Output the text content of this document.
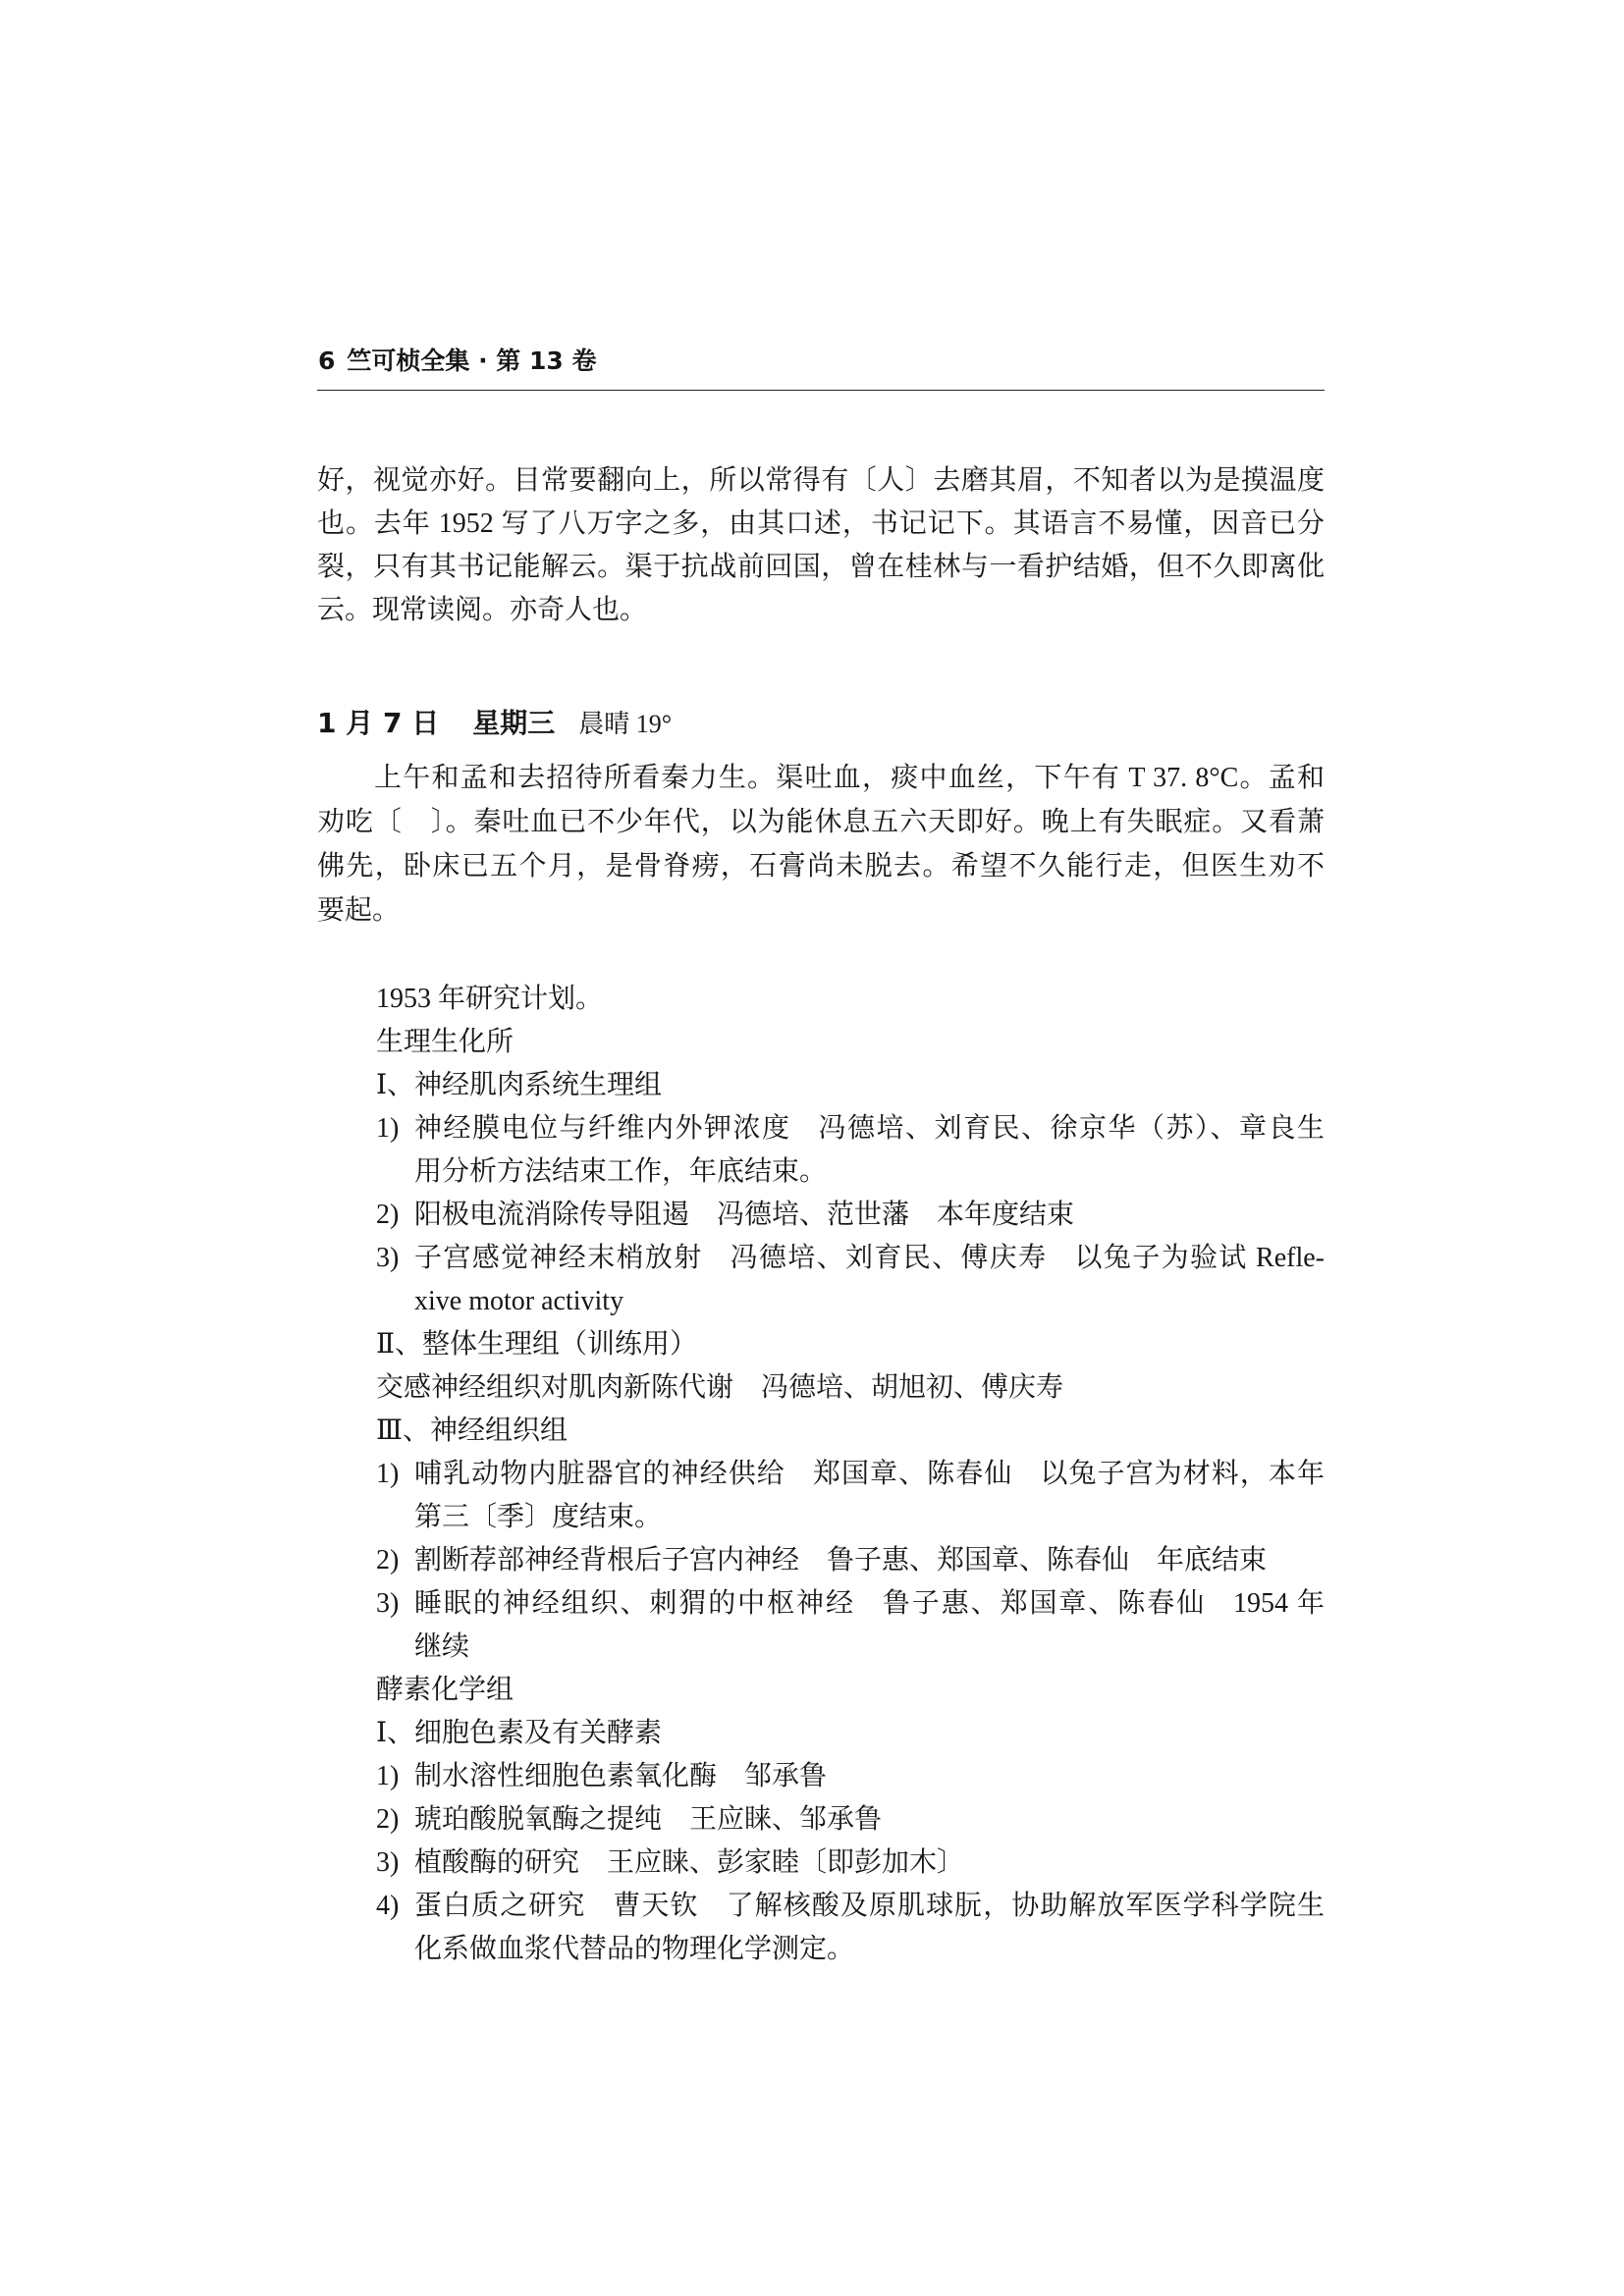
6 竺可桢全集 · 第 13 卷
好，视觉亦好。目常要翻向上，所以常得有〔人〕去磨其眉，不知者以为是摸温度
也。去年 1952 写了八万字之多，由其口述，书记记下。其语言不易懂，因音已分
裂，只有其书记能解云。渠于抗战前回国，曾在桂林与一看护结婚，但不久即离仳
云。现常读阅。亦奇人也。
1 月 7 日 星期三 晨晴 19°
上午和孟和去招待所看秦力生。渠吐血，痰中血丝，下午有 T 37. 8°C。孟和
劝吃〔　〕。秦吐血已不少年代，以为能休息五六天即好。晚上有失眠症。又看萧
佛先，卧床已五个月，是骨脊痨，石膏尚未脱去。希望不久能行走，但医生劝不
要起。
1953 年研究计划。
生理生化所
Ⅰ、神经肌肉系统生理组
1) 神经膜电位与纤维内外钾浓度 冯德培、刘育民、徐京华（苏）、章良生
用分析方法结束工作，年底结束。
2) 阳极电流消除传导阻遏 冯德培、范世藩 本年度结束
3) 子宫感觉神经末梢放射 冯德培、刘育民、傅庆寿 以兔子为验试 Refle-
xive motor activity
Ⅱ、整体生理组（训练用）
交感神经组织对肌肉新陈代谢 冯德培、胡旭初、傅庆寿
Ⅲ、神经组织组
1) 哺乳动物内脏器官的神经供给 郑国章、陈春仙 以兔子宫为材料，本年
第三〔季〕度结束。
2) 割断荐部神经背根后子宫内神经 鲁子惠、郑国章、陈春仙 年底结束
3) 睡眠的神经组织、刺猬的中枢神经 鲁子惠、郑国章、陈春仙 1954 年
继续
酵素化学组
Ⅰ、细胞色素及有关酵素
1) 制水溶性细胞色素氧化酶 邹承鲁
2) 琥珀酸脱氧酶之提纯 王应睐、邹承鲁
3) 植酸酶的研究 王应睐、彭家睦〔即彭加木〕
4) 蛋白质之研究 曹天钦 了解核酸及原肌球朊，协助解放军医学科学院生
化系做血浆代替品的物理化学测定。
